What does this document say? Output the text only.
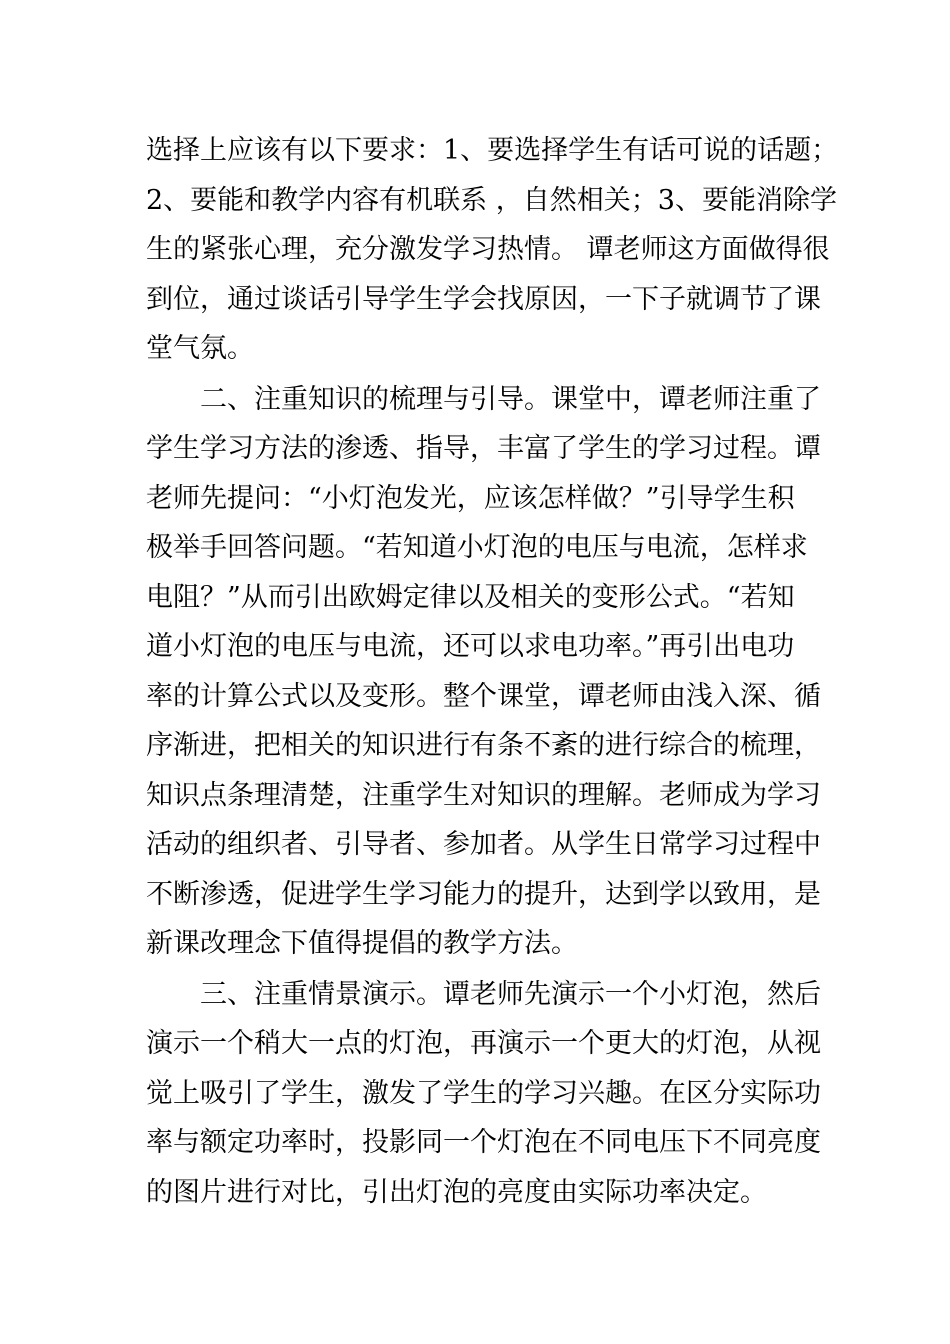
选择上应该有以下要求：1、要选择学生有话可说的话题；
2、要能和教学内容有机联系 ，自然相关；3、要能消除学
生的紧张心理，充分激发学习热情。 谭老师这方面做得很
到位，通过谈话引导学生学会找原因，一下子就调节了课
堂气氛。
　　二、注重知识的梳理与引导。课堂中，谭老师注重了
学生学习方法的渗透、指导，丰富了学生的学习过程。谭
老师先提问：“小灯泡发光，应该怎样做？”引导学生积
极举手回答问题。“若知道小灯泡的电压与电流，怎样求
电阻？”从而引出欧姆定律以及相关的变形公式。“若知
道小灯泡的电压与电流，还可以求电功率。”再引出电功
率的计算公式以及变形。整个课堂，谭老师由浅入深、循
序渐进，把相关的知识进行有条不紊的进行综合的梳理，
知识点条理清楚，注重学生对知识的理解。老师成为学习
活动的组织者、引导者、参加者。从学生日常学习过程中
不断渗透，促进学生学习能力的提升，达到学以致用，是
新课改理念下值得提倡的教学方法。
　　三、注重情景演示。谭老师先演示一个小灯泡，然后
演示一个稍大一点的灯泡，再演示一个更大的灯泡，从视
觉上吸引了学生，激发了学生的学习兴趣。在区分实际功
率与额定功率时，投影同一个灯泡在不同电压下不同亮度
的图片进行对比，引出灯泡的亮度由实际功率决定。
